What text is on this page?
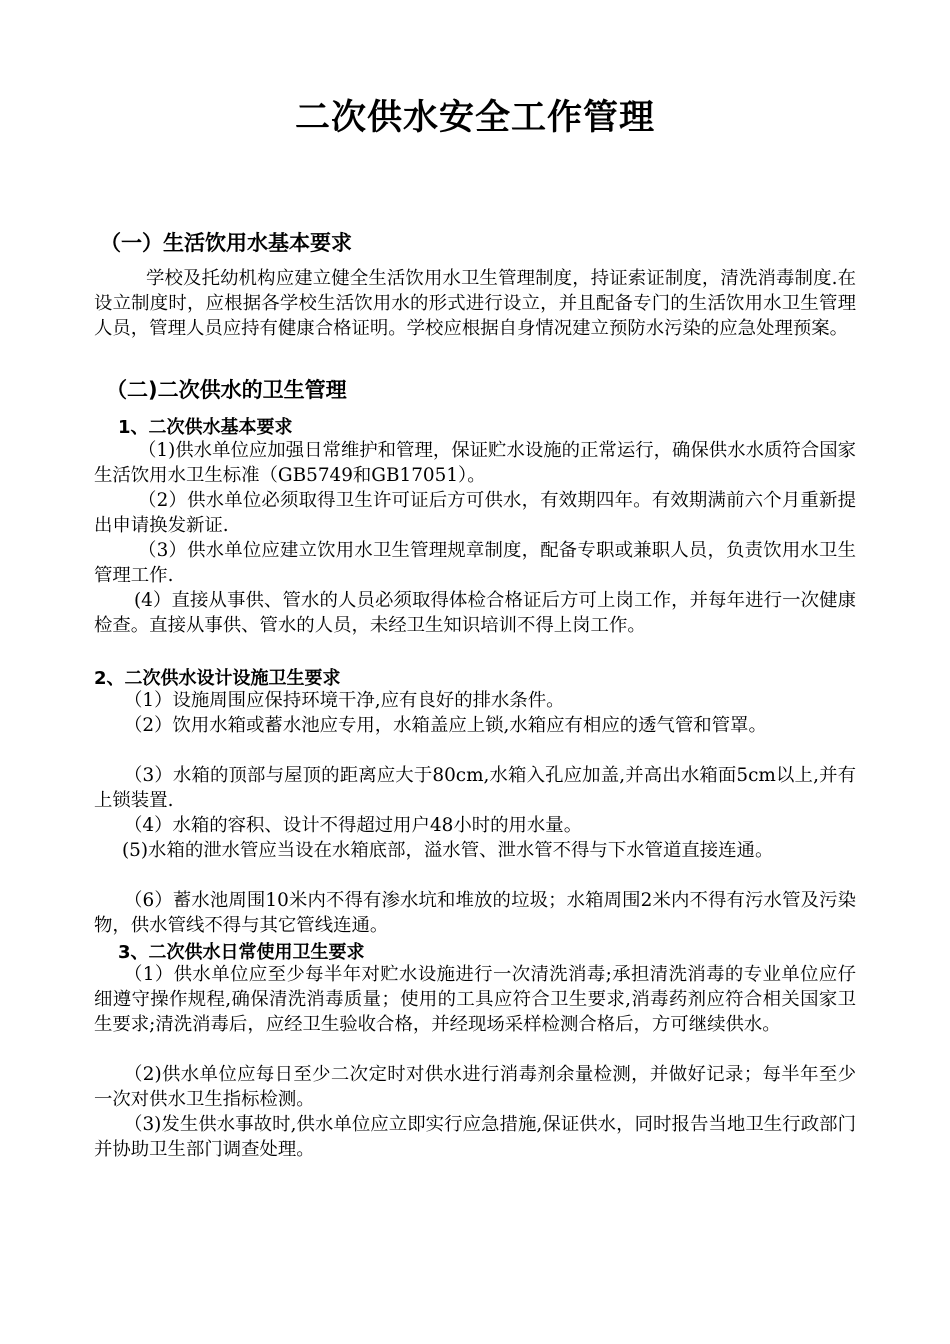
二次供水安全工作管理
（一）生活饮用水基本要求
学校及托幼机构应建立健全生活饮用水卫生管理制度，持证索证制度，清洗消毒制度.在设立制度时，应根据各学校生活饮用水的形式进行设立，并且配备专门的生活饮用水卫生管理人员，管理人员应持有健康合格证明。学校应根据自身情况建立预防水污染的应急处理预案。
（二)二次供水的卫生管理
1、二次供水基本要求
（1)供水单位应加强日常维护和管理，保证贮水设施的正常运行，确保供水水质符合国家生活饮用水卫生标准（GB5749和GB17051）。
（2）供水单位必须取得卫生许可证后方可供水，有效期四年。有效期满前六个月重新提出申请换发新证.
（3）供水单位应建立饮用水卫生管理规章制度，配备专职或兼职人员，负责饮用水卫生管理工作.
(4）直接从事供、管水的人员必须取得体检合格证后方可上岗工作，并每年进行一次健康检查。直接从事供、管水的人员，未经卫生知识培训不得上岗工作。
2、二次供水设计设施卫生要求
（1）设施周围应保持环境干净,应有良好的排水条件。
（2）饮用水箱或蓄水池应专用，水箱盖应上锁,水箱应有相应的透气管和管罩。
（3）水箱的顶部与屋顶的距离应大于80cm,水箱入孔应加盖,并高出水箱面5cm以上,并有上锁装置.
（4）水箱的容积、设计不得超过用户48小时的用水量。
(5)水箱的泄水管应当设在水箱底部，溢水管、泄水管不得与下水管道直接连通。
（6）蓄水池周围10米内不得有渗水坑和堆放的垃圾；水箱周围2米内不得有污水管及污染物，供水管线不得与其它管线连通。
3、二次供水日常使用卫生要求
（1）供水单位应至少每半年对贮水设施进行一次清洗消毒;承担清洗消毒的专业单位应仔细遵守操作规程,确保清洗消毒质量；使用的工具应符合卫生要求,消毒药剂应符合相关国家卫生要求;清洗消毒后，应经卫生验收合格，并经现场采样检测合格后，方可继续供水。
（2)供水单位应每日至少二次定时对供水进行消毒剂余量检测，并做好记录；每半年至少一次对供水卫生指标检测。
（3)发生供水事故时,供水单位应立即实行应急措施,保证供水，同时报告当地卫生行政部门并协助卫生部门调查处理。
